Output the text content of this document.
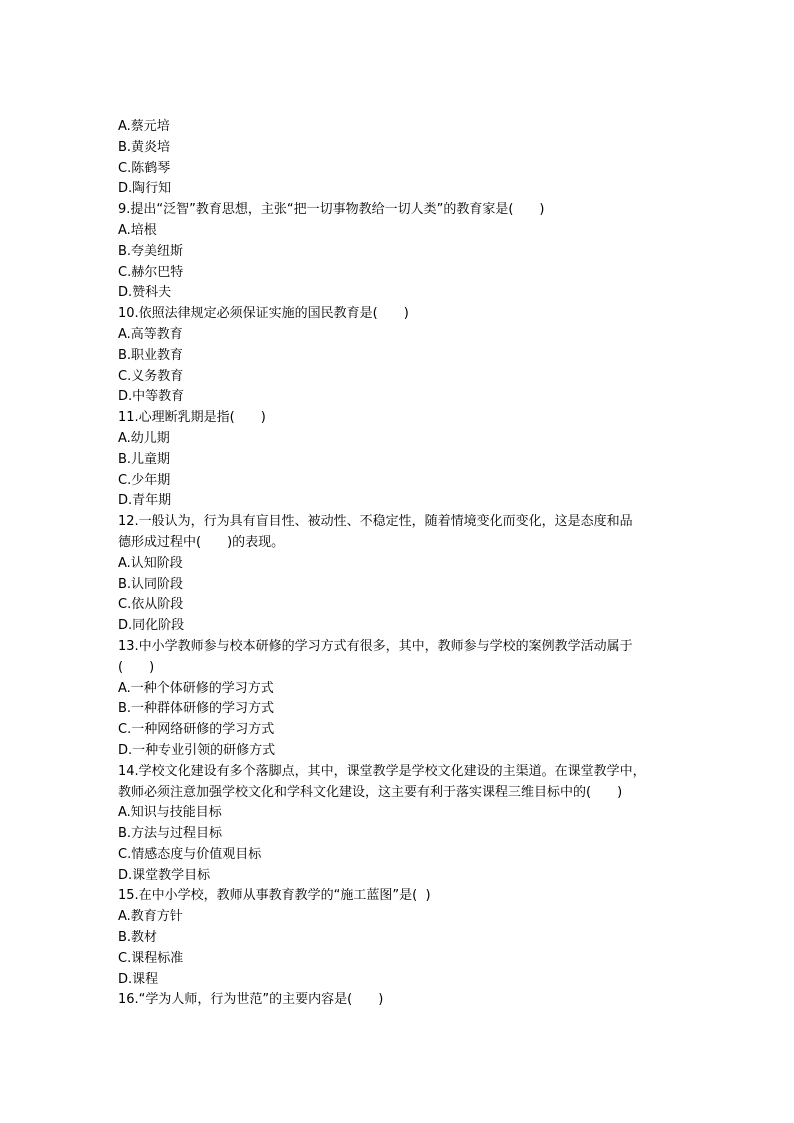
A.蔡元培
B.黄炎培
C.陈鹤琴
D.陶行知
9.提出“泛智”教育思想，主张“把一切事物教给一切人类”的教育家是(　　)
A.培根
B.夸美纽斯
C.赫尔巴特
D.赞科夫
10.依照法律规定必须保证实施的国民教育是(　　)
A.高等教育
B.职业教育
C.义务教育
D.中等教育
11.心理断乳期是指(　　)
A.幼儿期
B.儿童期
C.少年期
D.青年期
12.一般认为，行为具有盲目性、被动性、不稳定性，随着情境变化而变化，这是态度和品
德形成过程中(　　)的表现。
A.认知阶段
B.认同阶段
C.依从阶段
D.同化阶段
13.中小学教师参与校本研修的学习方式有很多，其中，教师参与学校的案例教学活动属于
(　　)
A.一种个体研修的学习方式
B.一种群体研修的学习方式
C.一种网络研修的学习方式
D.一种专业引领的研修方式
14.学校文化建设有多个落脚点，其中，课堂教学是学校文化建设的主渠道。在课堂教学中，
教师必须注意加强学校文化和学科文化建设，这主要有利于落实课程三维目标中的(　　)
A.知识与技能目标
B.方法与过程目标
C.情感态度与价值观目标
D.课堂教学目标
15.在中小学校，教师从事教育教学的“施工蓝图”是(  )
A.教育方针
B.教材
C.课程标准
D.课程
16.“学为人师，行为世范”的主要内容是(　　)
